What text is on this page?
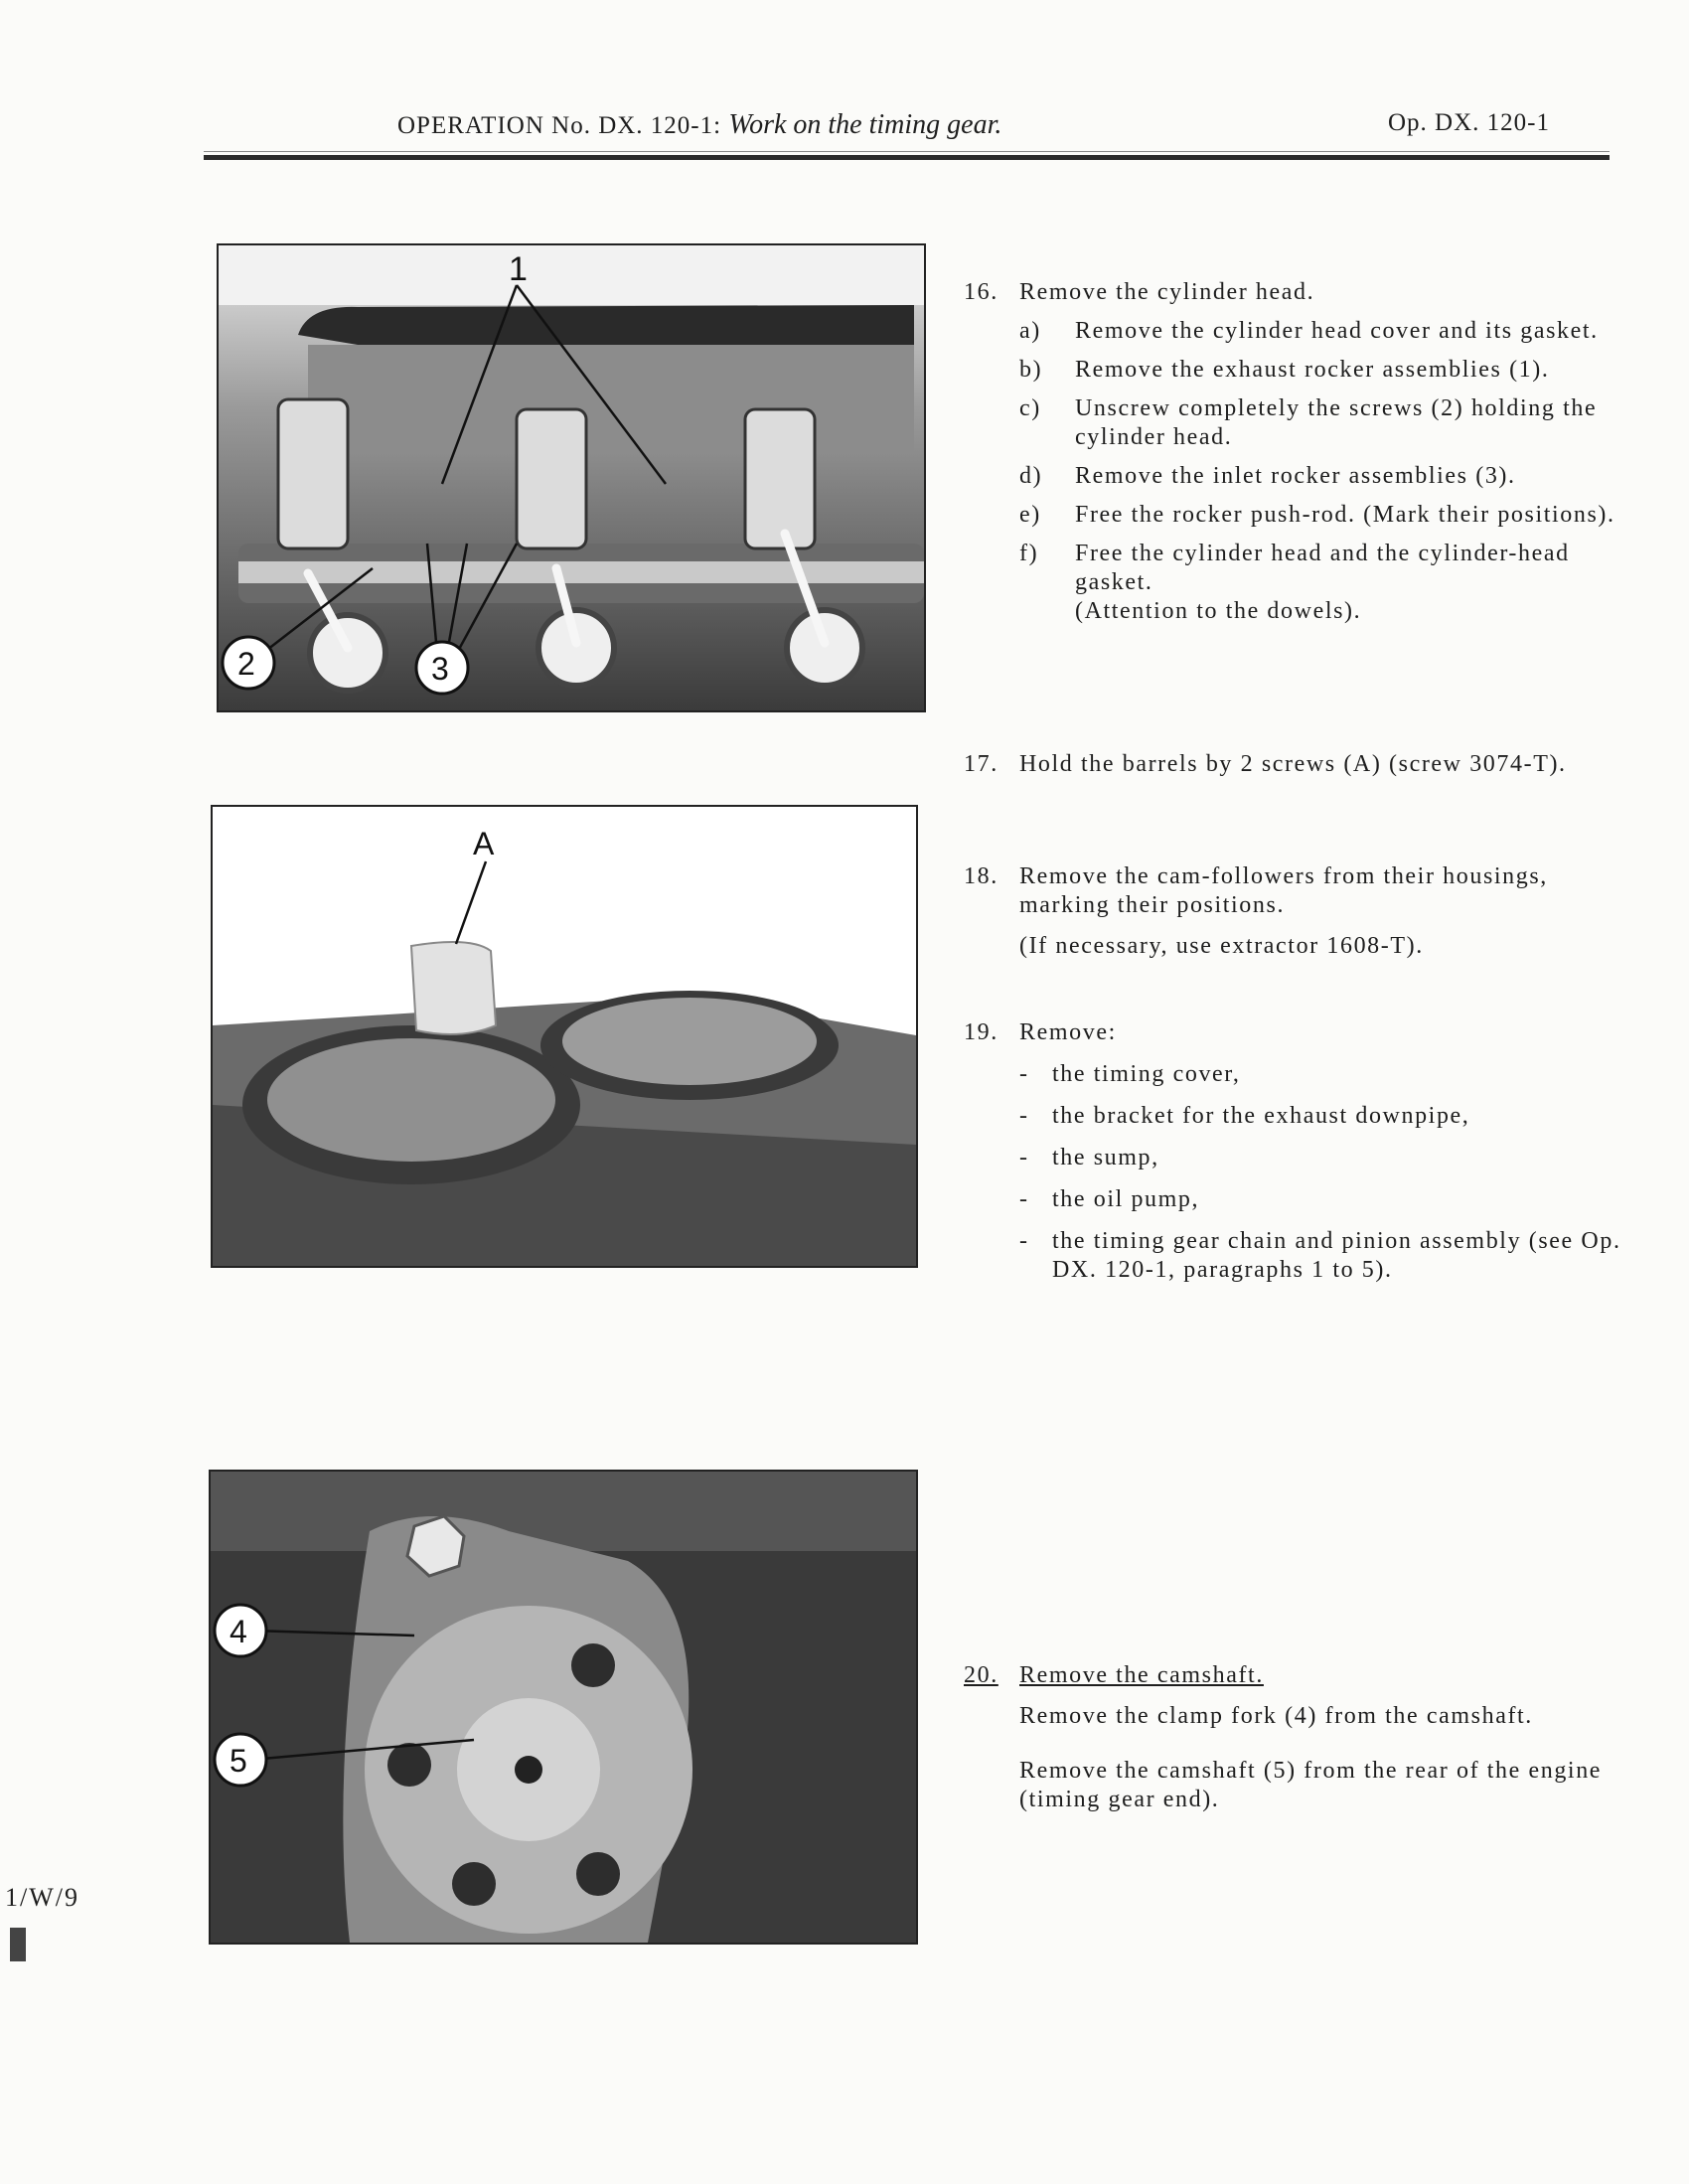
OPERATION No. DX. 120-1: Work on the timing gear.	Op. DX. 120-1
1
2	3
A
4
5
16. Remove the cylinder head.
a) Remove the cylinder head cover and its gasket.
b) Remove the exhaust rocker assemblies (1).
c) Unscrew completely the screws (2) holding the cylinder head.
d) Remove the inlet rocker assemblies (3).
e) Free the rocker push-rod. (Mark their positions).
f) Free the cylinder head and the cylinder-head gasket.
(Attention to the dowels).
17. Hold the barrels by 2 screws (A) (screw 3074-T).
18. Remove the cam-followers from their housings, marking their positions.
(If necessary, use extractor 1608-T).
19. Remove:
- the timing cover,
- the bracket for the exhaust downpipe,
- the sump,
- the oil pump,
- the timing gear chain and pinion assembly (see Op. DX. 120-1, paragraphs 1 to 5).
20. Remove the camshaft.
Remove the clamp fork (4) from the camshaft.
Remove the camshaft (5) from the rear of the engine (timing gear end).
1/W/9
